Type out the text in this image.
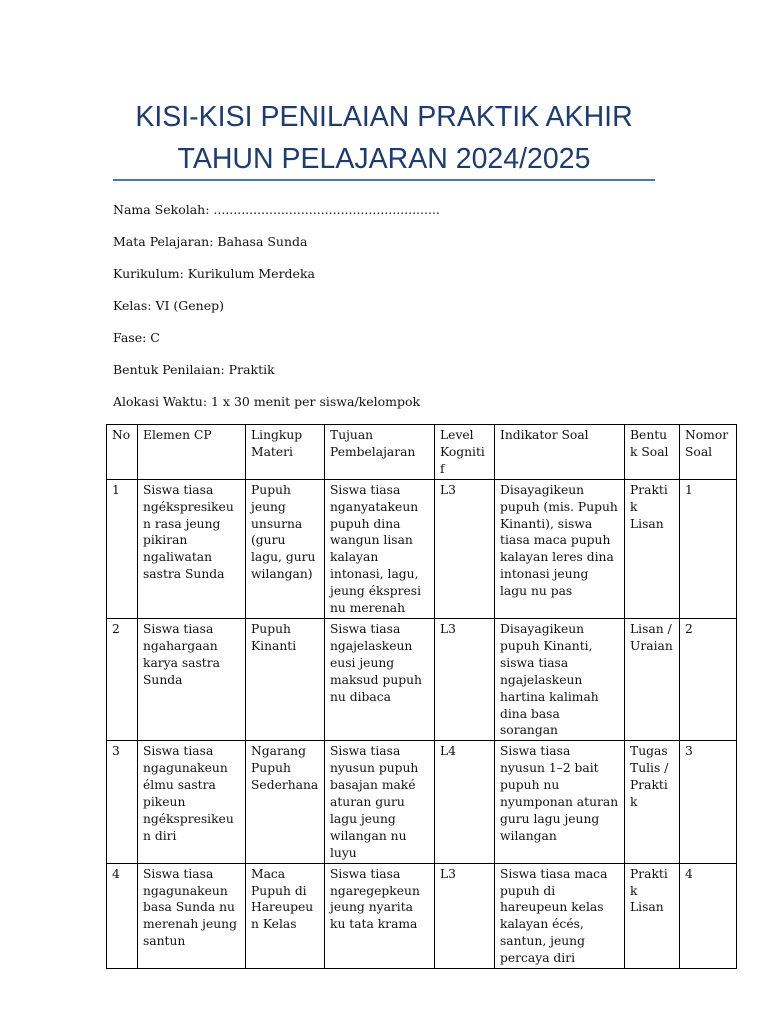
KISI-KISI PENILAIAN PRAKTIK AKHIR
TAHUN PELAJARAN 2024/2025
Nama Sekolah: .........................................................
Mata Pelajaran: Bahasa Sunda
Kurikulum: Kurikulum Merdeka
Kelas: VI (Genep)
Fase: C
Bentuk Penilaian: Praktik
Alokasi Waktu: 1 x 30 menit per siswa/kelompok
No	Elemen CP	Lingkup Materi	Tujuan Pembelajaran	Level Kognitif	Indikator Soal	Bentuk Soal	Nomor Soal
1	Siswa tiasa ngékspresikeun rasa jeung pikiran ngaliwatan sastra Sunda	Pupuh jeung unsurna (guru lagu, guru wilangan)	Siswa tiasa nganyatakeun pupuh dina wangun lisan kalayan intonasi, lagu, jeung ékspresi nu merenah	L3	Disayagikeun pupuh (mis. Pupuh Kinanti), siswa tiasa maca pupuh kalayan leres dina intonasi jeung lagu nu pas	Praktik Lisan	1
2	Siswa tiasa ngahargaan karya sastra Sunda	Pupuh Kinanti	Siswa tiasa ngajelaskeun eusi jeung maksud pupuh nu dibaca	L3	Disayagikeun pupuh Kinanti, siswa tiasa ngajelaskeun hartina kalimah dina basa sorangan	Lisan / Uraian	2
3	Siswa tiasa ngagunakeun élmu sastra pikeun ngékspresikeun diri	Ngarang Pupuh Sederhana	Siswa tiasa nyusun pupuh basajan maké aturan guru lagu jeung wilangan nu luyu	L4	Siswa tiasa nyusun 1–2 bait pupuh nu nyumponan aturan guru lagu jeung wilangan	Tugas Tulis / Praktik	3
4	Siswa tiasa ngagunakeun basa Sunda nu merenah jeung santun	Maca Pupuh di Hareupeun Kelas	Siswa tiasa ngaregepkeun jeung nyarita ku tata krama	L3	Siswa tiasa maca pupuh di hareupeun kelas kalayan écés, santun, jeung percaya diri	Praktik Lisan	4
